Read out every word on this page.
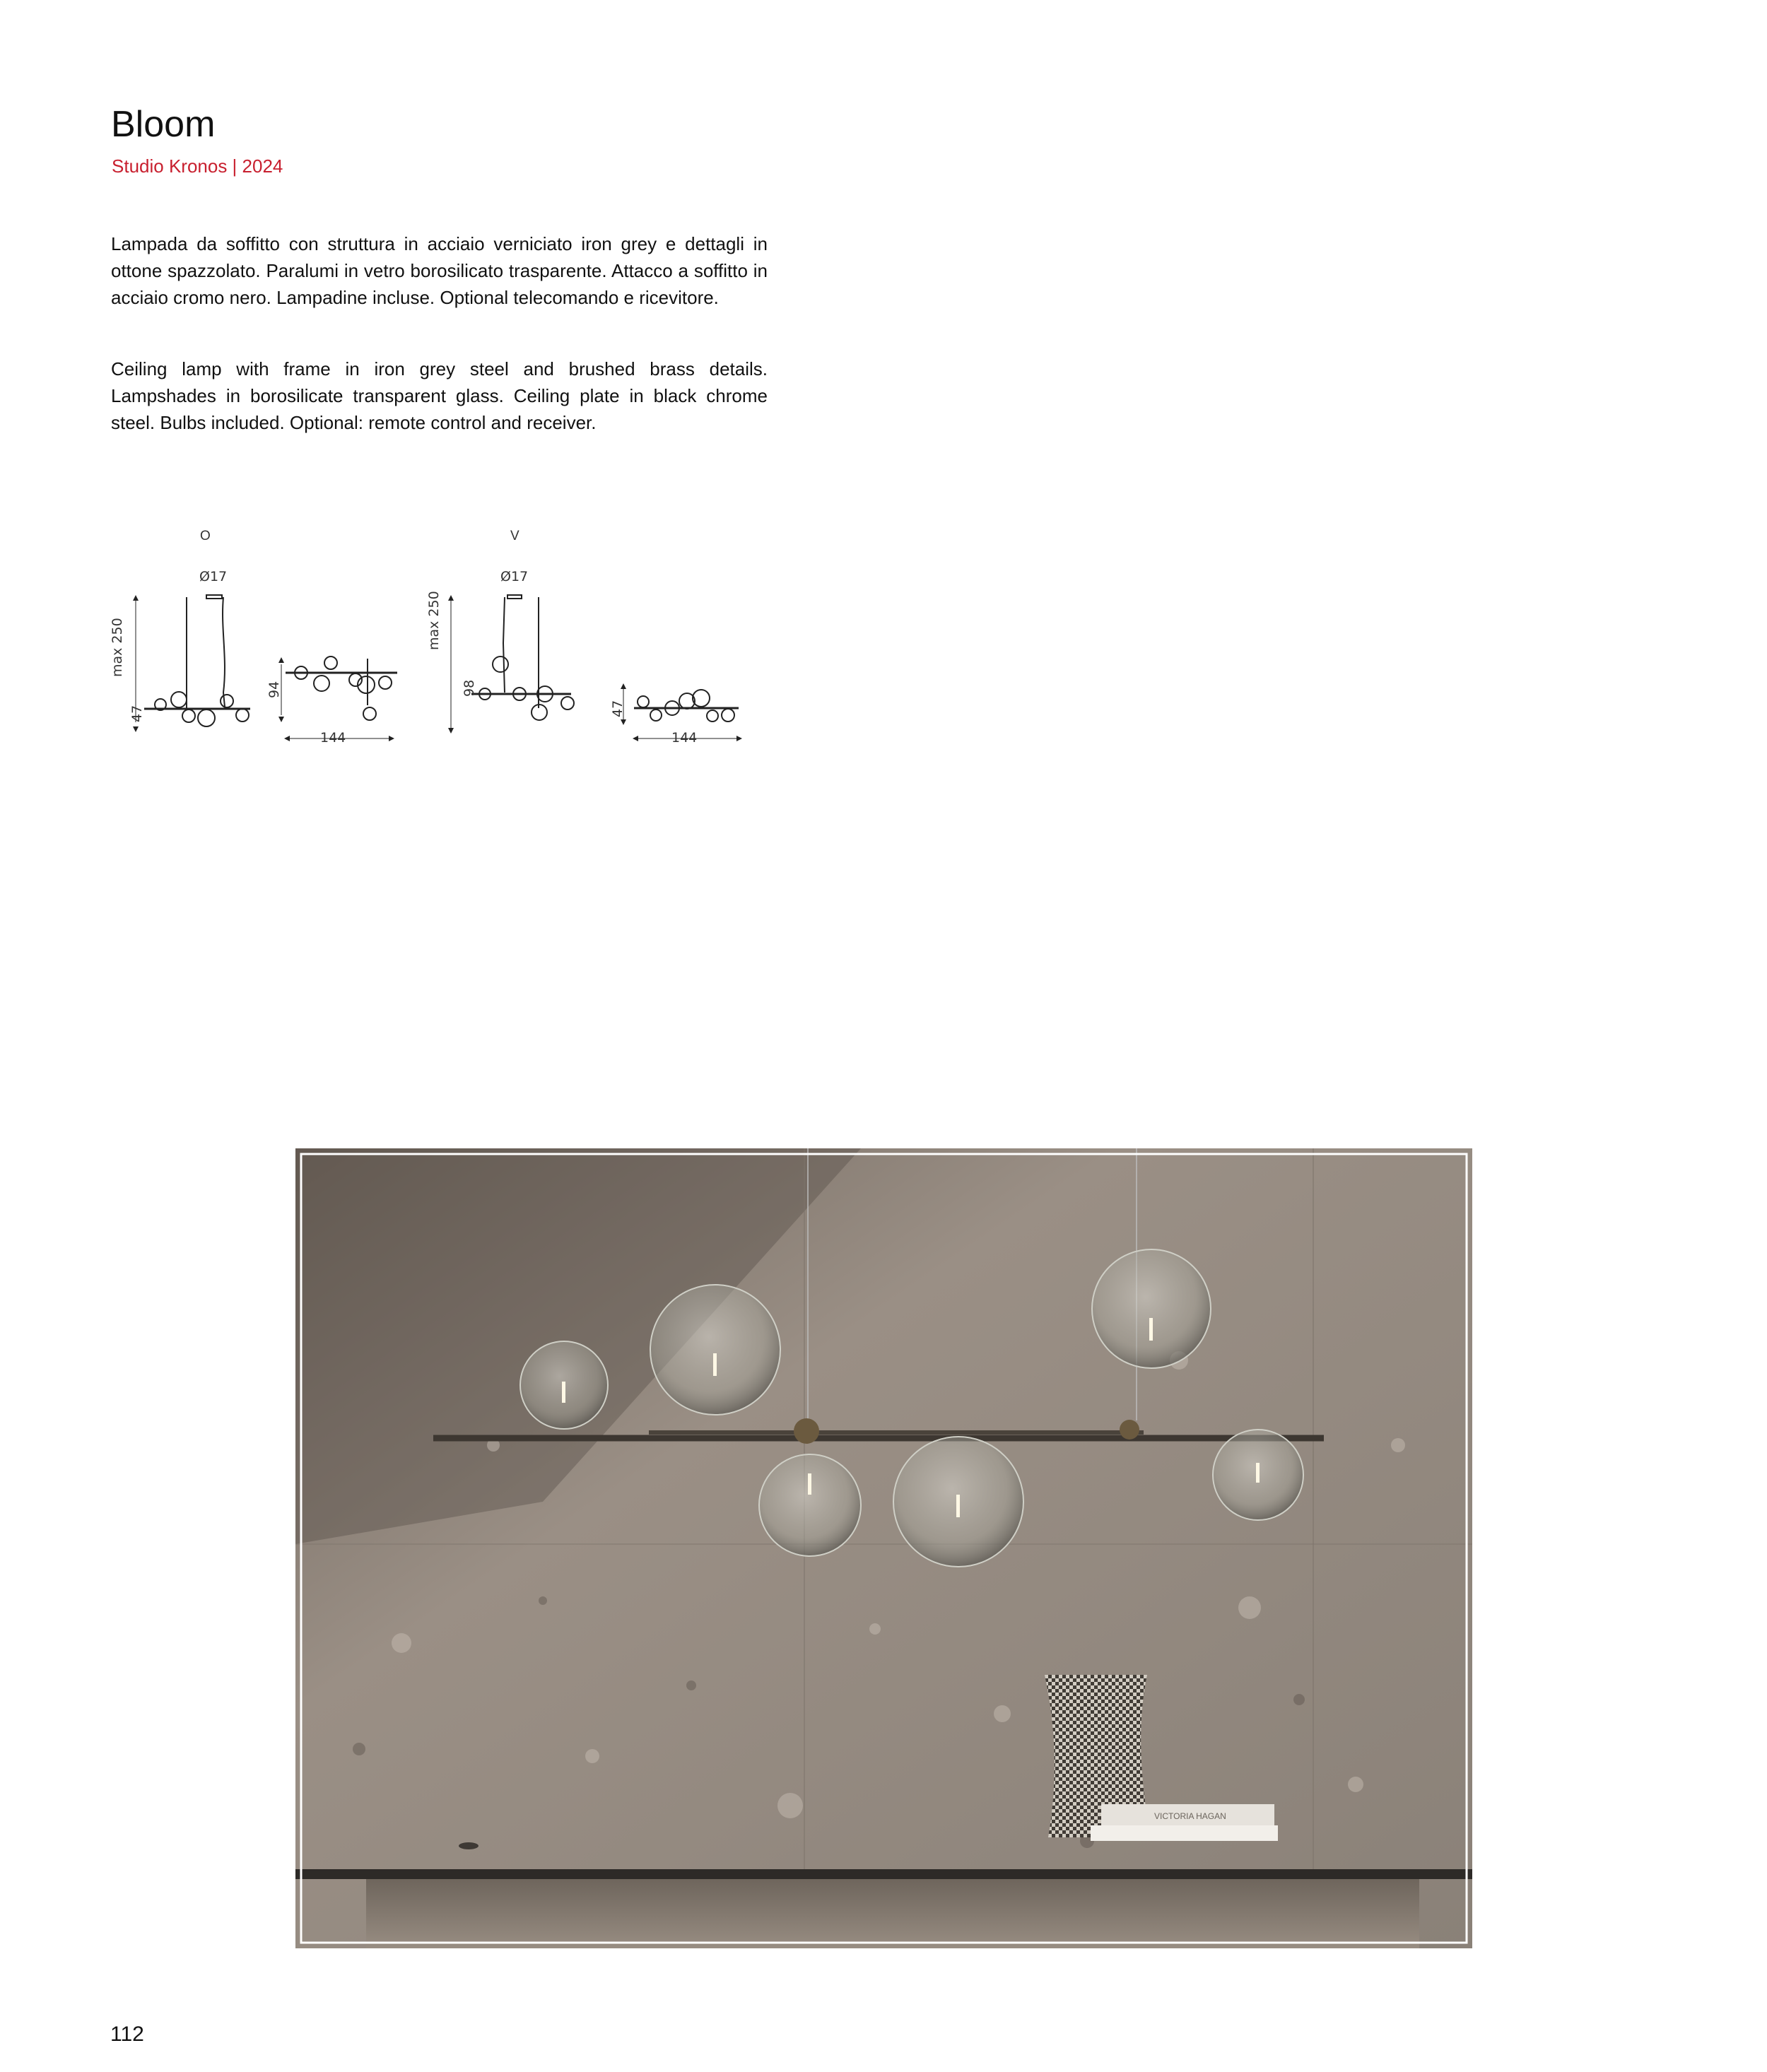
Bloom
Studio Kronos | 2024

Lampada da soffitto con struttura in acciaio verniciato iron grey e dettagli in ottone spazzolato. Paralumi in vetro borosilicato trasparente. Attacco a soffitto in acciaio cromo nero. Lampadine incluse. Optional telecomando e ricevitore.

Ceiling lamp with frame in iron grey steel and brushed brass details. Lampshades in borosilicate transparent glass. Ceiling plate in black chrome steel. Bulbs included. Optional: remote control and receiver.

O	V
Ø17
max 250
47
94
144
Ø17
max 250
98
47
144
VICTORIA HAGAN
112
